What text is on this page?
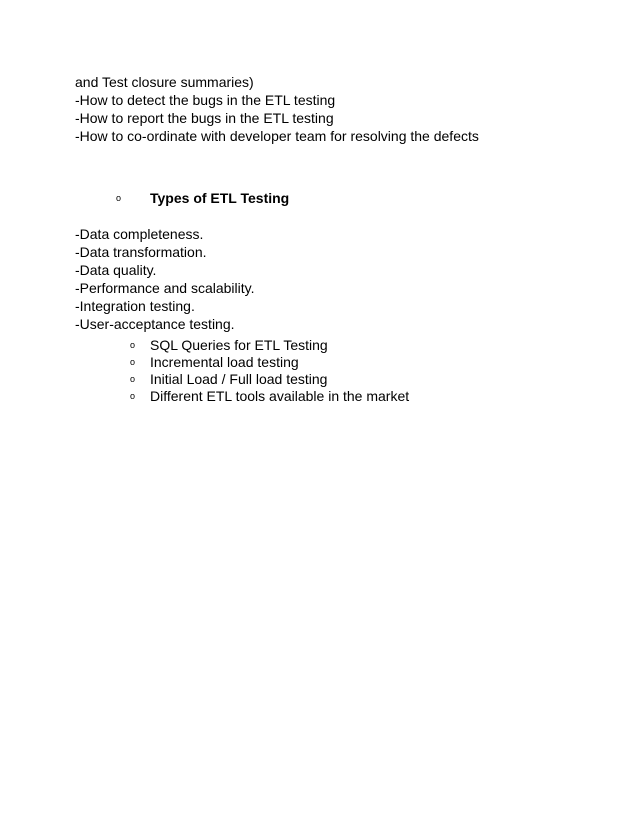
and Test closure summaries)
-How to detect the bugs in the ETL testing
-How to report the bugs in the ETL testing
-How to co-ordinate with developer team for resolving the defects
o Types of ETL Testing
-Data completeness.
-Data transformation.
-Data quality.
-Performance and scalability.
-Integration testing.
-User-acceptance testing.
o SQL Queries for ETL Testing
o Incremental load testing
o Initial Load / Full load testing
o Different ETL tools available in the market
